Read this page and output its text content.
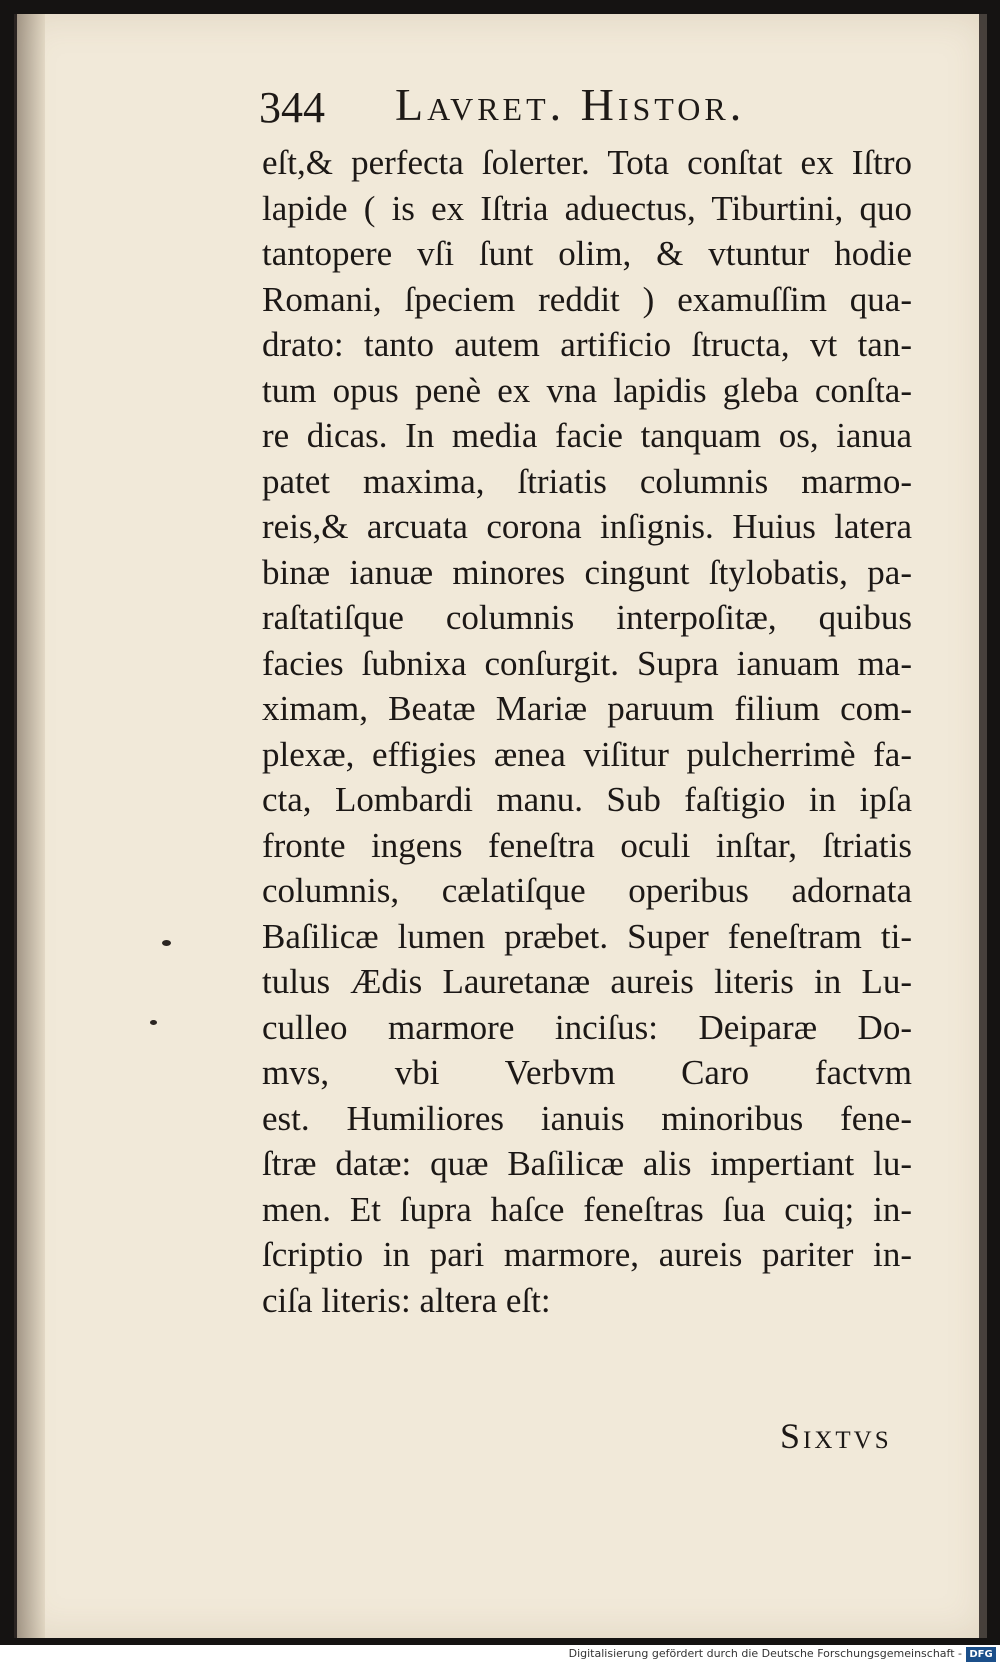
344 Lavret. Histor.
eſt,& perfecta ſolerter. Tota conſtat ex Iſtro
lapide ( is ex Iſtria aduectus, Tiburtini, quo
tantopere vſi ſunt olim, & vtuntur hodie
Romani, ſpeciem reddit ) examuſſim qua-
drato: tanto autem artificio ſtructa, vt tan-
tum opus penè ex vna lapidis gleba conſta-
re dicas. In media facie tanquam os, ianua
patet maxima, ſtriatis columnis marmo-
reis,& arcuata corona inſignis. Huius latera
binæ ianuæ minores cingunt ſtylobatis, pa-
raſtatiſque columnis interpoſitæ, quibus
facies ſubnixa conſurgit. Supra ianuam ma-
ximam, Beatæ Mariæ paruum filium com-
plexæ, effigies ænea viſitur pulcherrimè fa-
cta, Lombardi manu. Sub faſtigio in ipſa
fronte ingens feneſtra oculi inſtar, ſtriatis
columnis, cælatiſque operibus adornata
Baſilicæ lumen præbet. Super feneſtram ti-
tulus Ædis Lauretanæ aureis literis in Lu-
culleo marmore inciſus: Deiparæ Do-
mvs, vbi Verbvm Caro factvm
est. Humiliores ianuis minoribus fene-
ſtræ datæ: quæ Baſilicæ alis impertiant lu-
men. Et ſupra haſce feneſtras ſua cuiq; in-
ſcriptio in pari marmore, aureis pariter in-
ciſa literis: altera eſt:
Sixtvs
Digitalisierung gefördert durch die Deutsche Forschungsgemeinschaft - DFG
